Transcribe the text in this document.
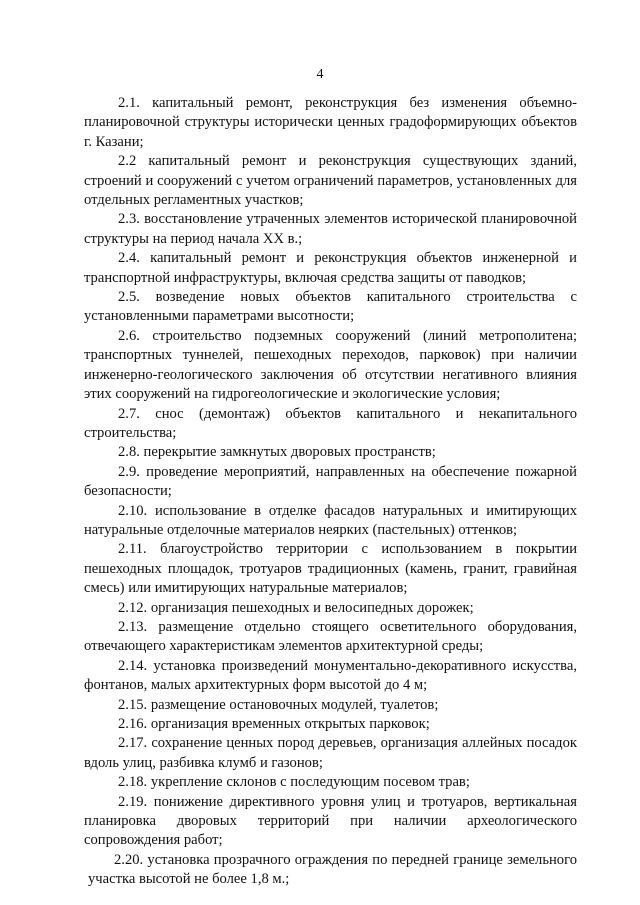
4

2.1. капитальный ремонт, реконструкция без изменения объемно-планировочной структуры исторически ценных градоформирующих объектов г. Казани;

2.2 капитальный ремонт и реконструкция существующих зданий, строений и сооружений с учетом ограничений параметров, установленных для отдельных регламентных участков;

2.3. восстановление утраченных элементов исторической планировочной структуры на период начала XX в.;

2.4. капитальный ремонт и реконструкция объектов инженерной и транспортной инфраструктуры, включая средства защиты от паводков;

2.5. возведение новых объектов капитального строительства с установленными параметрами высотности;

2.6. строительство подземных сооружений (линий метрополитена; транспортных туннелей, пешеходных переходов, парковок) при наличии инженерно-геологического заключения об отсутствии негативного влияния этих сооружений на гидрогеологические и экологические условия;

2.7. снос (демонтаж) объектов капитального и некапитального строительства;

2.8. перекрытие замкнутых дворовых пространств;

2.9. проведение мероприятий, направленных на обеспечение пожарной безопасности;

2.10. использование в отделке фасадов натуральных и имитирующих натуральные отделочные материалов неярких (пастельных) оттенков;

2.11. благоустройство территории с использованием в покрытии пешеходных площадок, тротуаров традиционных (камень, гранит, гравийная смесь) или имитирующих натуральные материалов;

2.12. организация пешеходных и велосипедных дорожек;

2.13. размещение отдельно стоящего осветительного оборудования, отвечающего характеристикам элементов архитектурной среды;

2.14. установка произведений монументально-декоративного искусства, фонтанов, малых архитектурных форм высотой до 4 м;

2.15. размещение остановочных модулей, туалетов;

2.16. организация временных открытых парковок;

2.17. сохранение ценных пород деревьев, организация аллейных посадок вдоль улиц, разбивка клумб и газонов;

2.18. укрепление склонов с последующим посевом трав;

2.19. понижение директивного уровня улиц и тротуаров, вертикальная планировка дворовых территорий при наличии археологического сопровождения работ;

2.20. установка прозрачного ограждения по передней границе земельного участка высотой не более 1,8 м.;
